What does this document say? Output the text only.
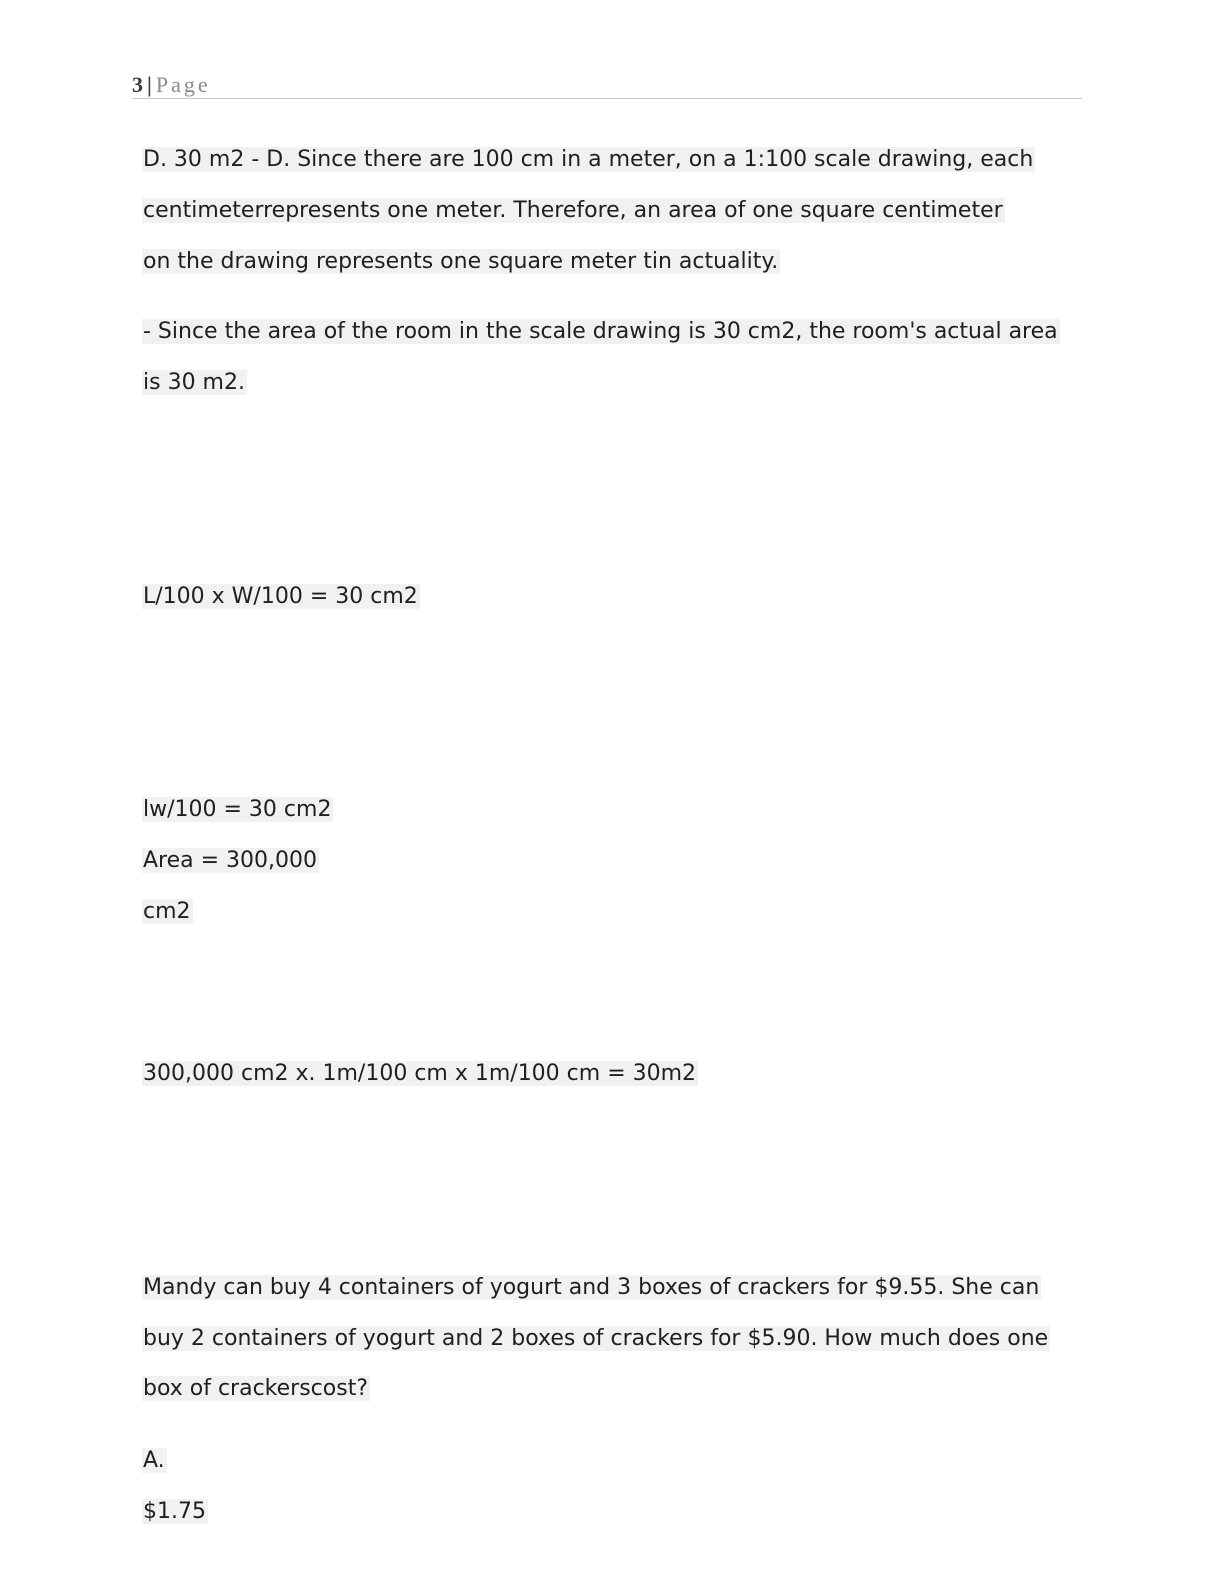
3 |Page
D. 30 m2 - D. Since there are 100 cm in a meter, on a 1:100 scale drawing, each
centimeterrepresents one meter. Therefore, an area of one square centimeter
on the drawing represents one square meter tin actuality.
- Since the area of the room in the scale drawing is 30 cm2, the room's actual area
is 30 m2.
L/100 x W/100 = 30 cm2
lw/100 = 30 cm2
Area = 300,000
cm2
300,000 cm2 x. 1m/100 cm x 1m/100 cm = 30m2
Mandy can buy 4 containers of yogurt and 3 boxes of crackers for $9.55. She can
buy 2 containers of yogurt and 2 boxes of crackers for $5.90. How much does one
box of crackerscost?
A.
$1.75
